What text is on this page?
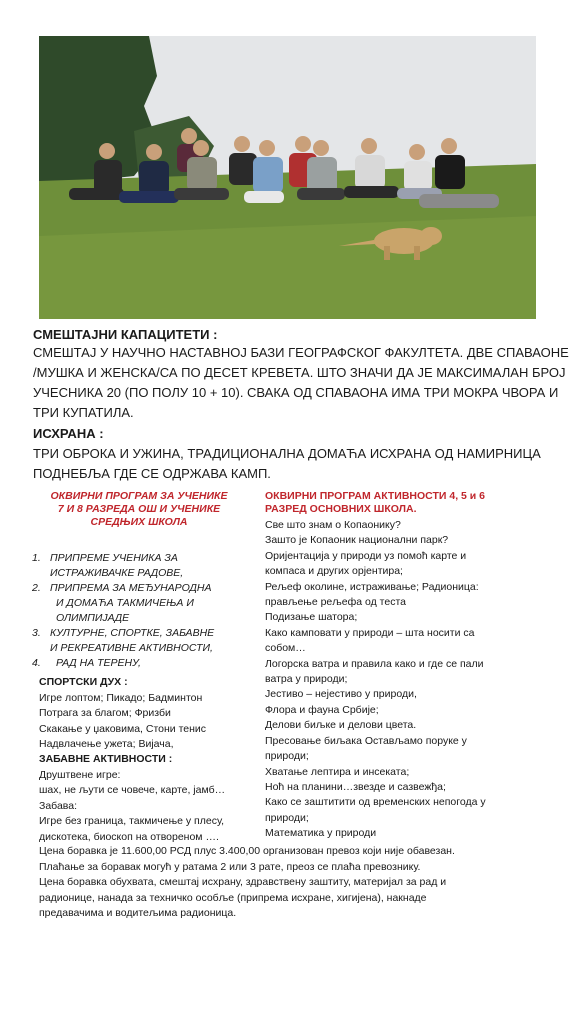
СМЕШТАЈНИ КАПАЦИТЕТИ :
СМЕШТАЈ У НАУЧНО НАСТАВНОЈ БАЗИ ГЕОГРАФСКОГ ФАКУЛТЕТА. ДВЕ СПАВАОНЕ
/МУШКА И ЖЕНСКА/СА ПО ДЕСЕТ КРЕВЕТА. ШТО ЗНАЧИ ДА ЈЕ МАКСИМАЛАН БРОЈ
УЧЕСНИКА 20 (ПО ПОЛУ 10 + 10). СВАКА ОД СПАВАОНА ИМА ТРИ МОКРА ЧВОРА И
ТРИ КУПАТИЛА.
ИСХРАНА :
ТРИ ОБРОКА И УЖИНА, ТРАДИЦИОНАЛНА ДОМАЋА ИСХРАНА ОД НАМИРНИЦА
ПОДНЕБЉА ГДЕ СЕ ОДРЖАВА КАМП.
ОКВИРНИ ПРОГРАМ ЗА УЧЕНИКЕ
7 И 8 РАЗРЕДА ОШ И УЧЕНИКЕ
СРЕДЊИХ ШКОЛА
1. ПРИПРЕМЕ УЧЕНИКА ЗА
ИСТРАЖИВАЧКЕ РАДОВЕ,
2. ПРИПРЕМА ЗА МЕЂУНАРОДНА
И ДОМАЋА ТАКМИЧЕЊА И
ОЛИМПИЈАДЕ
3. КУЛТУРНЕ, СПОРТКЕ, ЗАБАВНЕ
И РЕКРЕАТИВНЕ АКТИВНОСТИ,
4. РАД НА ТЕРЕНУ,
СПОРТСКИ ДУХ :
Игре лоптом; Пикадо; Бадминтон
Потрага за благом; Фризби
Скакање у џаковима, Стони тенис
Надвлачење ужета; Вијача,
ЗАБАВНЕ АКТИВНОСТИ :
Друштвене игре:
шах, не љути се човече, карте, јамб…
Забава:
Игре без граница, такмичење у плесу,
дискотека, биоскоп на отвореном ….
ОКВИРНИ ПРОГРАМ АКТИВНОСТИ 4, 5 и 6
РАЗРЕД ОСНОВНИХ ШКОЛА.
Све што знам о Копаонику?
Зашто је Копаоник национални парк?
Оријентација у природи уз помоћ карте и
компаса и других орјентира;
Рељеф околине, истраживање; Радионица:
прављење рељефа од теста
Подизање шатора;
Како камповати у природи – шта носити са
собом…
Логорска ватра и правила како и где се пали
ватра у природи;
Јестиво – нејестиво у природи,
Флора и фауна Србије;
Делови биљке и делови цвета.
Пресовање биљака Остављамо поруке у
природи;
Хватање лептира и инсеката;
Ноћ на планини…звезде и сазвежђа;
Како се заштитити од временских непогода у
природи;
Математика у природи
Цена боравка је 11.600,00 РСД плус 3.400,00 организован превоз који није обавезан.
Плаћање за боравак могућ у ратама 2 или 3 рате, преоз се плаћа превознику.
Цена боравка обухвата, смештај исхрану, здравствену заштиту, материјал за рад и
радионице, нанада за техничко особље (припрема исхране, хигијена), накнаде
предавачима и водитељима радионица.
